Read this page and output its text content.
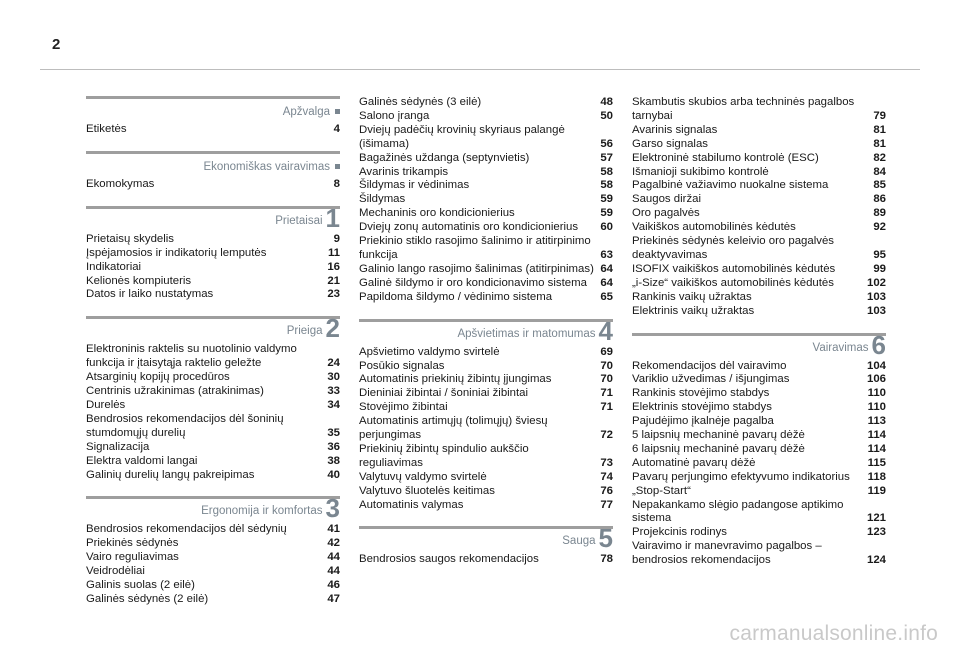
2
Apžvalga
Etiketės	4
Ekonomiškas vairavimas
Ekomokymas	8
Prietaisai 1
Prietaisų skydelis	9
Įspėjamosios ir indikatorių lemputės	11
Indikatoriai	16
Kelionės kompiuteris	21
Datos ir laiko nustatymas	23
Prieiga 2
Elektroninis raktelis su nuotolinio valdymo funkcija ir įtaisytąja raktelio geležte	24
Atsarginių kopijų procedūros	30
Centrinis užrakinimas (atrakinimas)	33
Durelės	34
Bendrosios rekomendacijos dėl šoninių stumdomųjų durelių	35
Signalizacija	36
Elektra valdomi langai	38
Galinių durelių langų pakreipimas	40
Ergonomija ir komfortas 3
Bendrosios rekomendacijos dėl sėdynių	41
Priekinės sėdynės	42
Vairo reguliavimas	44
Veidrodėliai	44
Galinis suolas (2 eilė)	46
Galinės sėdynės (2 eilė)	47
Galinės sėdynės (3 eilė)	48
Salono įranga	50
Dviejų padėčių krovinių skyriaus palangė (išimama)	56
Bagažinės uždanga (septynvietis)	57
Avarinis trikampis	58
Šildymas ir vėdinimas	58
Šildymas	59
Mechaninis oro kondicionierius	59
Dviejų zonų automatinis oro kondicionierius	60
Priekinio stiklo rasojimo šalinimo ir atitirpinimo funkcija	63
Galinio lango rasojimo šalinimas (atitirpinimas) 64
Galinė šildymo ir oro kondicionavimo sistema	64
Papildoma šildymo / vėdinimo sistema	65
Apšvietimas ir matomumas 4
Apšvietimo valdymo svirtelė	69
Posūkio signalas	70
Automatinis priekinių žibintų įjungimas	70
Dieniniai žibintai / šoniniai žibintai	71
Stovėjimo žibintai	71
Automatinis artimųjų (tolimųjų) šviesų perjungimas	72
Priekinių žibintų spindulio aukščio reguliavimas	73
Valytuvų valdymo svirtelė	74
Valytuvo šluotelės keitimas	76
Automatinis valymas	77
Sauga 5
Bendrosios saugos rekomendacijos	78
Skambutis skubios arba techninės pagalbos tarnybai	79
Avarinis signalas	81
Garso signalas	81
Elektroninė stabilumo kontrolė (ESC)	82
Išmanioji sukibimo kontrolė	84
Pagalbinė važiavimo nuokalne sistema	85
Saugos diržai	86
Oro pagalvės	89
Vaikiškos automobilinės kėdutės	92
Priekinės sėdynės keleivio oro pagalvės deaktyvavimas	95
ISOFIX vaikiškos automobilinės kėdutės	99
„i-Size“ vaikiškos automobilinės kėdutės	102
Rankinis vaikų užraktas	103
Elektrinis vaikų užraktas	103
Vairavimas 6
Rekomendacijos dėl vairavimo	104
Variklio užvedimas / išjungimas	106
Rankinis stovėjimo stabdys	110
Elektrinis stovėjimo stabdys	110
Pajudėjimo įkalnėje pagalba	113
5 laipsnių mechaninė pavarų dėžė	114
6 laipsnių mechaninė pavarų dėžė	114
Automatinė pavarų dėžė	115
Pavarų perjungimo efektyvumo indikatorius	118
„Stop-Start“	119
Nepakankamo slėgio padangose aptikimo sistema	121
Projekcinis rodinys	123
Vairavimo ir manevravimo pagalbos – bendrosios rekomendacijos	124
carmanualsonline.info
